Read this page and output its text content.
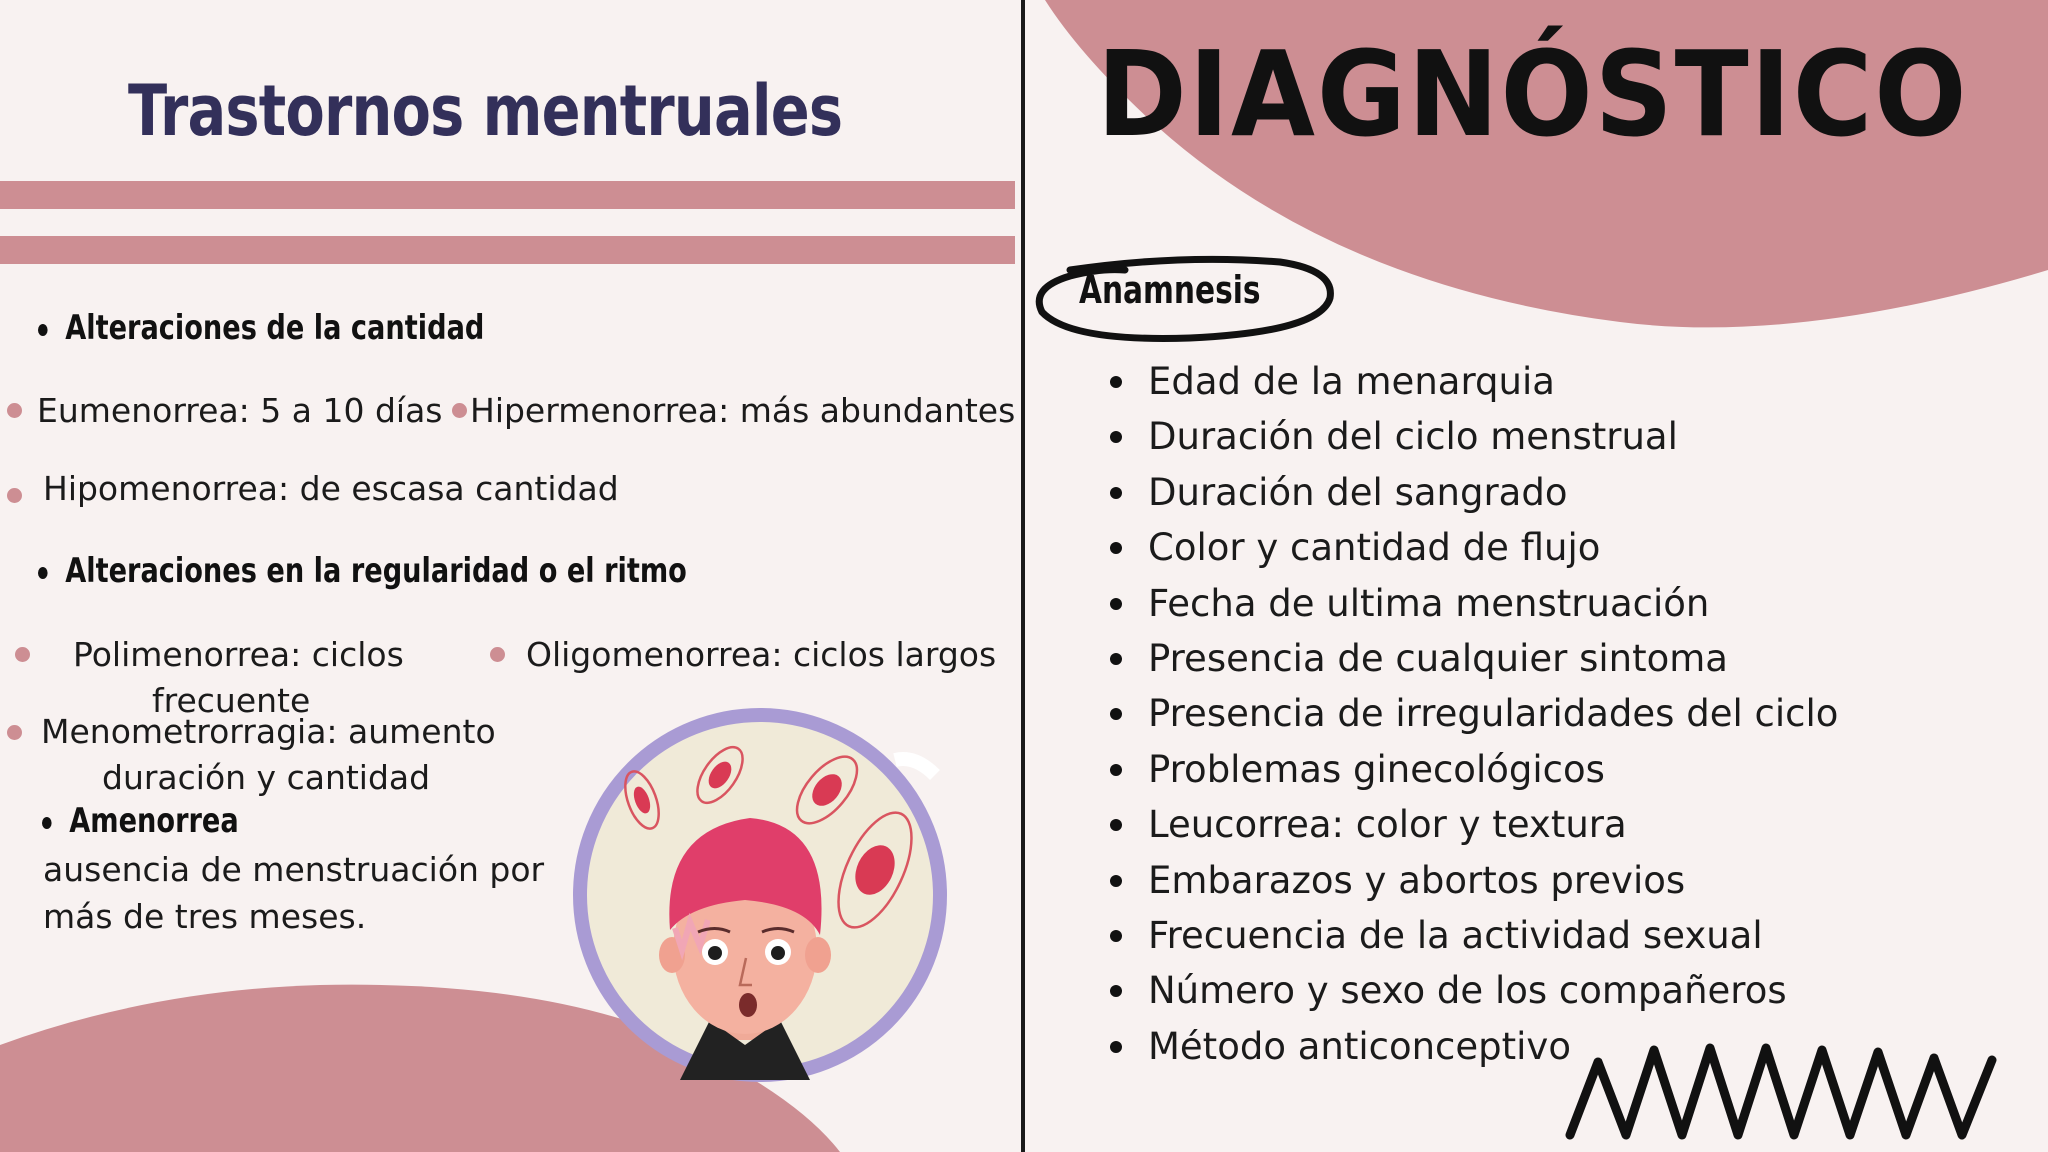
Trastornos mentruales
Alteraciones de la cantidad
Eumenorrea: 5 a 10 días Hipermenorrea: más abundantes
Hipomenorrea: de escasa cantidad
Alteraciones en la regularidad o el ritmo
Polimenorrea: ciclos
frecuente
Oligomenorrea: ciclos largos
Menometrorragia: aumento
duración y cantidad
Amenorrea
ausencia de menstruación por
más de tres meses.
DIAGNÓSTICO
Anamnesis
Edad de la menarquia
Duración del ciclo menstrual
Duración del sangrado
Color y cantidad de flujo
Fecha de ultima menstruación
Presencia de cualquier sintoma
Presencia de irregularidades del ciclo
Problemas ginecológicos
Leucorrea: color y textura
Embarazos y abortos previos
Frecuencia de la actividad sexual
Número y sexo de los compañeros
Método anticonceptivo
